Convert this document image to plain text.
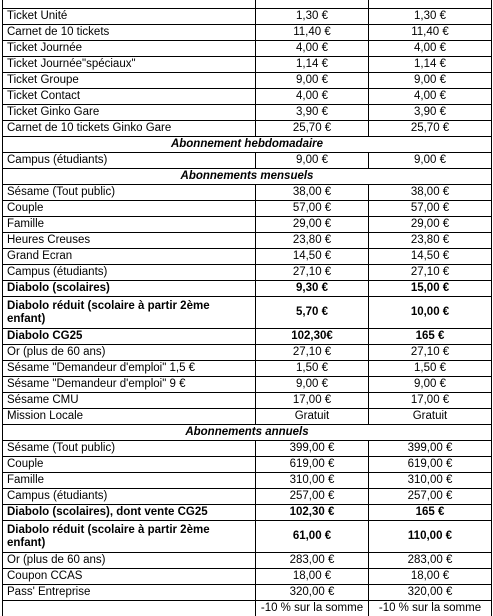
Ticket Unité	1,30 €	1,30 €
Carnet de 10 tickets	11,40 €	11,40 €
Ticket Journée	4,00 €	4,00 €
Ticket Journée"spéciaux"	1,14 €	1,14 €
Ticket Groupe	9,00 €	9,00 €
Ticket Contact	4,00 €	4,00 €
Ticket Ginko Gare	3,90 €	3,90 €
Carnet de 10 tickets Ginko Gare	25,70 €	25,70 €
Abonnement hebdomadaire		
Campus (étudiants)	9,00 €	9,00 €
Abonnements mensuels		
Sésame (Tout public)	38,00 €	38,00 €
Couple	57,00 €	57,00 €
Famille	29,00 €	29,00 €
Heures Creuses	23,80 €	23,80 €
Grand Ecran	14,50 €	14,50 €
Campus (étudiants)	27,10 €	27,10 €
Diabolo (scolaires)	9,30 €	15,00 €
Diabolo réduit (scolaire à partir 2ème enfant)	5,70 €	10,00 €
Diabolo CG25	102,30€	165 €
Or (plus de 60 ans)	27,10 €	27,10 €
Sésame "Demandeur d'emploi" 1,5 €	1,50 €	1,50 €
Sésame "Demandeur d'emploi" 9 €	9,00 €	9,00 €
Sésame CMU	17,00 €	17,00 €
Mission Locale	Gratuit	Gratuit
Abonnements annuels		
Sésame (Tout public)	399,00 €	399,00 €
Couple	619,00 €	619,00 €
Famille	310,00 €	310,00 €
Campus (étudiants)	257,00 €	257,00 €
Diabolo (scolaires), dont vente CG25	102,30 €	165 €
Diabolo réduit (scolaire à partir 2ème enfant)	61,00 €	110,00 €
Or (plus de 60 ans)	283,00 €	283,00 €
Coupon CCAS	18,00 €	18,00 €
Pass' Entreprise	320,00 €	320,00 €
	-10 % sur la somme	-10 % sur la somme
